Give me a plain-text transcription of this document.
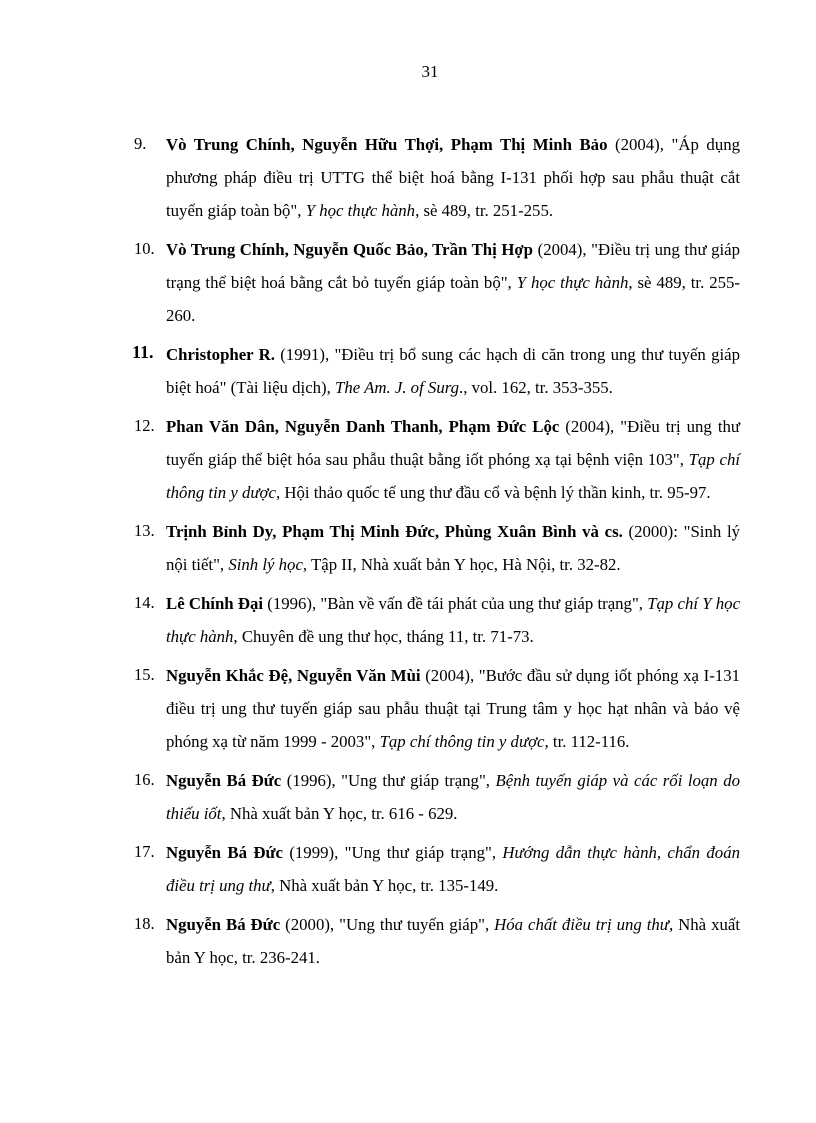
31
9. Vò Trung Chính, Nguyễn Hữu Thợi, Phạm Thị Minh Bảo (2004), "Áp dụng phương pháp điều trị UTTG thể biệt hoá bằng I-131 phối hợp sau phẫu thuật cắt tuyến giáp toàn bộ", Y học thực hành, sè 489, tr. 251-255.
10. Vò Trung Chính, Nguyễn Quốc Bảo, Trần Thị Hợp (2004), "Điều trị ung thư giáp trạng thể biệt hoá bằng cắt bỏ tuyến giáp toàn bộ", Y học thực hành, sè 489, tr. 255-260.
11. Christopher R. (1991), "Điều trị bổ sung các hạch di căn trong ung thư tuyến giáp biệt hoá" (Tài liệu dịch), The Am. J. of Surg., vol. 162, tr. 353-355.
12. Phan Văn Dân, Nguyễn Danh Thanh, Phạm Đức Lộc (2004), "Điều trị ung thư tuyến giáp thể biệt hóa sau phẫu thuật bằng iốt phóng xạ tại bệnh viện 103", Tạp chí thông tin y dược, Hội thảo quốc tế ung thư đầu cổ và bệnh lý thần kinh, tr. 95-97.
13. Trịnh Bỉnh Dy, Phạm Thị Minh Đức, Phùng Xuân Bình và cs. (2000): "Sinh lý nội tiết", Sinh lý học, Tập II, Nhà xuất bản Y học, Hà Nội, tr. 32-82.
14. Lê Chính Đại (1996), "Bàn về vấn đề tái phát của ung thư giáp trạng", Tạp chí Y học thực hành, Chuyên đề ung thư học, tháng 11, tr. 71-73.
15. Nguyễn Khắc Đệ, Nguyễn Văn Mùi (2004), "Bước đầu sử dụng iốt phóng xạ I-131 điều trị ung thư tuyến giáp sau phẫu thuật tại Trung tâm y học hạt nhân và bảo vệ phóng xạ từ năm 1999 - 2003", Tạp chí thông tin y dược, tr. 112-116.
16. Nguyễn Bá Đức (1996), "Ung thư giáp trạng", Bệnh tuyến giáp và các rối loạn do thiếu iốt, Nhà xuất bản Y học, tr. 616 - 629.
17. Nguyễn Bá Đức (1999), "Ung thư giáp trạng", Hướng dẫn thực hành, chẩn đoán điều trị ung thư, Nhà xuất bản Y học, tr. 135-149.
18. Nguyễn Bá Đức (2000), "Ung thư tuyến giáp", Hóa chất điều trị ung thư, Nhà xuất bản Y học, tr. 236-241.
